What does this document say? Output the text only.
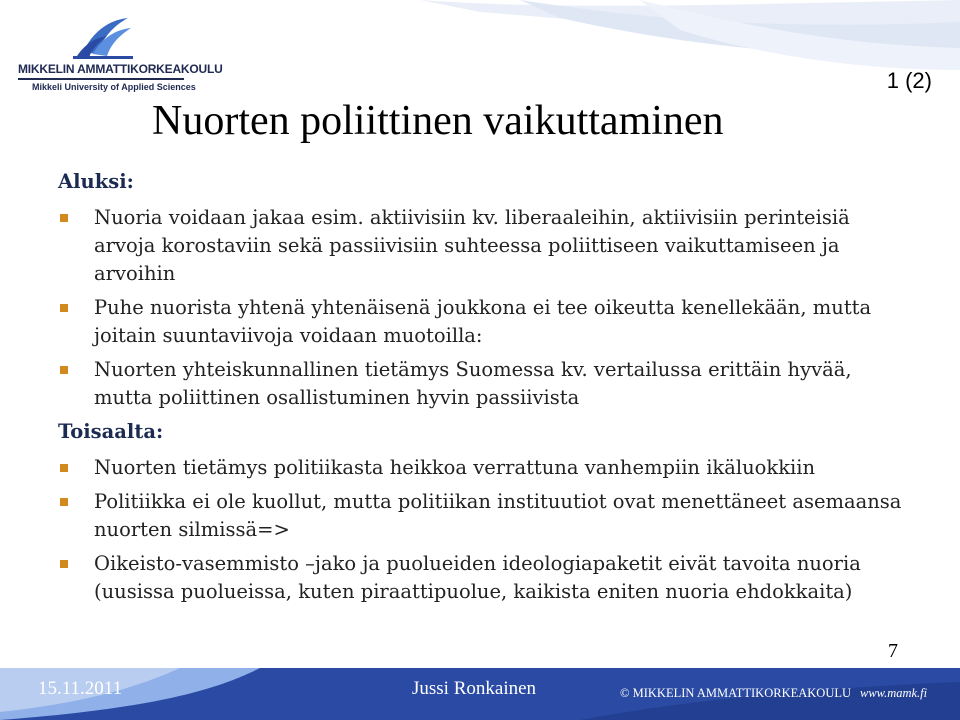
MIKKELIN AMMATTIKORKEAKOULU
Mikkeli University of Applied Sciences	1 (2)
Nuorten poliittinen vaikuttaminen
Aluksi:
Nuoria voidaan jakaa esim. aktiivisiin kv. liberaaleihin, aktiivisiin perinteisiä arvoja korostaviin sekä passiivisiin suhteessa poliittiseen vaikuttamiseen ja arvoihin
Puhe nuorista yhtenä yhtenäisenä joukkona ei tee oikeutta kenellekään, mutta joitain suuntaviivoja voidaan muotoilla:
Nuorten yhteiskunnallinen tietämys Suomessa kv. vertailussa erittäin hyvää, mutta poliittinen osallistuminen hyvin passiivista
Toisaalta:
Nuorten tietämys politiikasta heikkoa verrattuna vanhempiin ikäluokkiin
Politiikka ei ole kuollut, mutta politiikan instituutiot ovat menettäneet asemaansa nuorten silmissä=>
Oikeisto-vasemmisto –jako ja puolueiden ideologiapaketit eivät tavoita nuoria (uusissa puolueissa, kuten piraattipuolue, kaikista eniten nuoria ehdokkaita)
7
15.11.2011	Jussi Ronkainen	© MIKKELIN AMMATTIKORKEAKOULU www.mamk.fi
